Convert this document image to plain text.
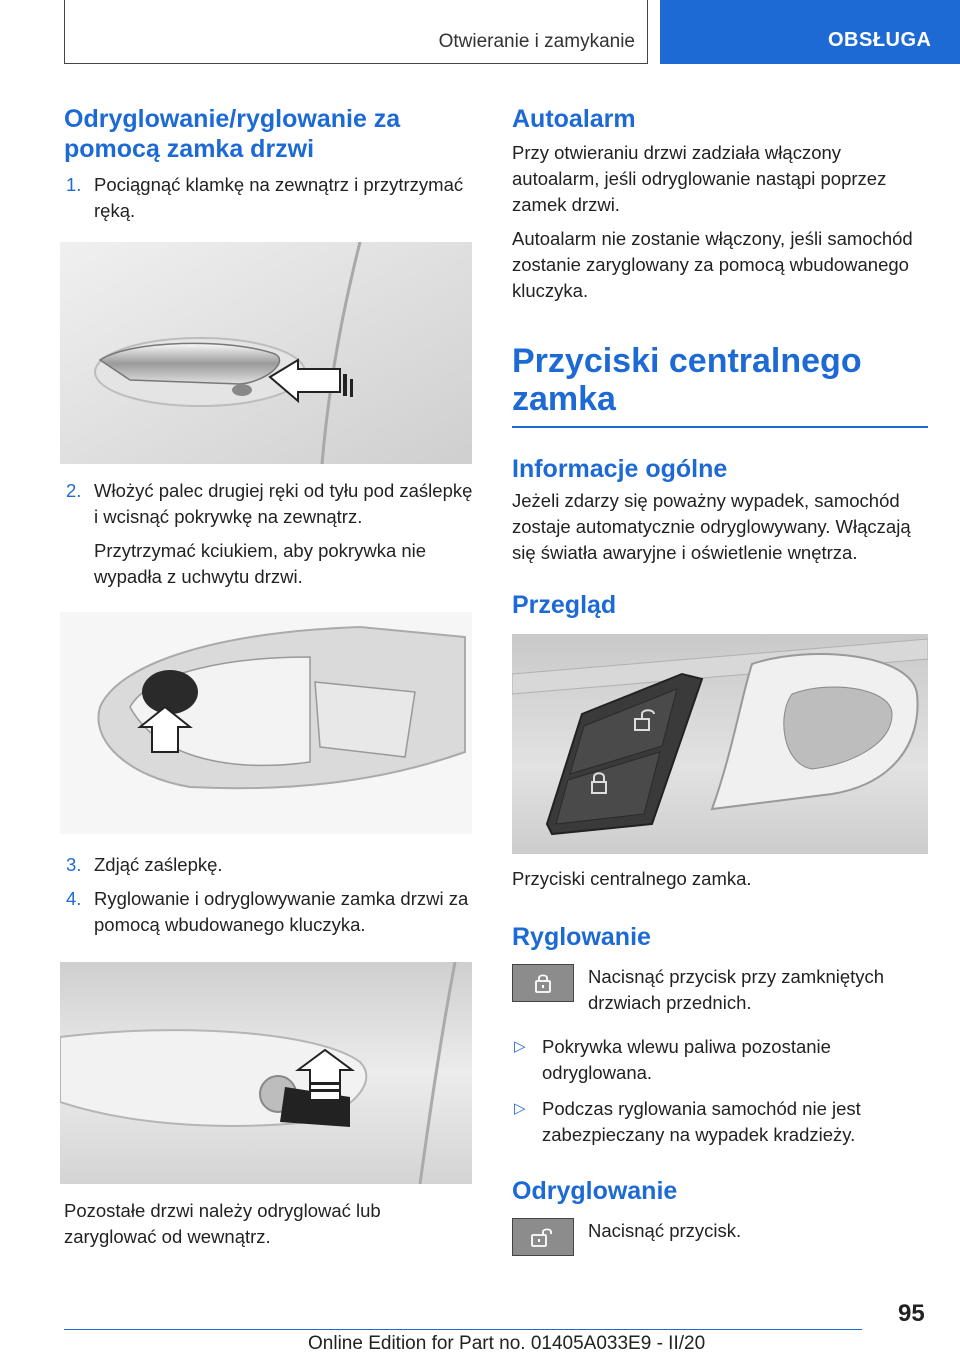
Otwieranie i zamykanie	OBSŁUGA
Odryglowanie/ryglowanie za pomocą zamka drzwi
1. Pociągnąć klamkę na zewnątrz i przytrzymać ręką.
2. Włożyć palec drugiej ręki od tyłu pod zaślepkę i wcisnąć pokrywkę na zewnątrz.
Przytrzymać kciukiem, aby pokrywka nie wypadła z uchwytu drzwi.
3. Zdjąć zaślepkę.
4. Ryglowanie i odryglowywanie zamka drzwi za pomocą wbudowanego kluczyka.

Pozostałe drzwi należy odryglować lub zaryglować od wewnątrz.

Autoalarm

Przy otwieraniu drzwi zadziała włączony autoalarm, jeśli odryglowanie nastąpi poprzez zamek drzwi.

Autoalarm nie zostanie włączony, jeśli samochód zostanie zaryglowany za pomocą wbudowanego kluczyka.

Przyciski centralnego zamka
Informacje ogólne

Jeżeli zdarzy się poważny wypadek, samochód zostaje automatycznie odryglowywany. Włączają się światła awaryjne i oświetlenie wnętrza.

Przegląd

Przyciski centralnego zamka.

Ryglowanie

Nacisnąć przycisk przy zamkniętych drzwiach przednich.

▷ Pokrywka wlewu paliwa pozostanie odryglowana.
▷ Podczas ryglowania samochód nie jest zabezpieczany na wypadek kradzieży.
Odryglowanie

Nacisnąć przycisk.

95
Online Edition for Part no. 01405A033E9 - II/20
